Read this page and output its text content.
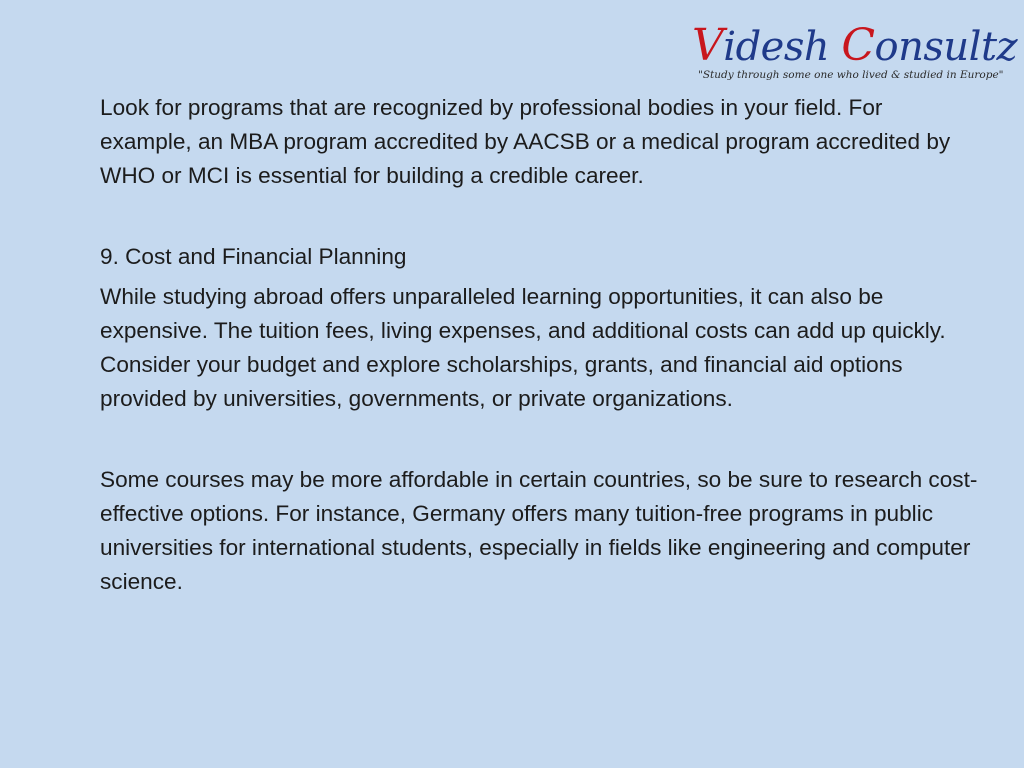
Videsh Consultz
"Study through some one who lived & studied in Europe"

Look for programs that are recognized by professional bodies in your field. For example, an MBA program accredited by AACSB or a medical program accredited by WHO or MCI is essential for building a credible career.

9. Cost and Financial Planning

While studying abroad offers unparalleled learning opportunities, it can also be expensive. The tuition fees, living expenses, and additional costs can add up quickly. Consider your budget and explore scholarships, grants, and financial aid options provided by universities, governments, or private organizations.

Some courses may be more affordable in certain countries, so be sure to research cost-effective options. For instance, Germany offers many tuition-free programs in public universities for international students, especially in fields like engineering and computer science.
